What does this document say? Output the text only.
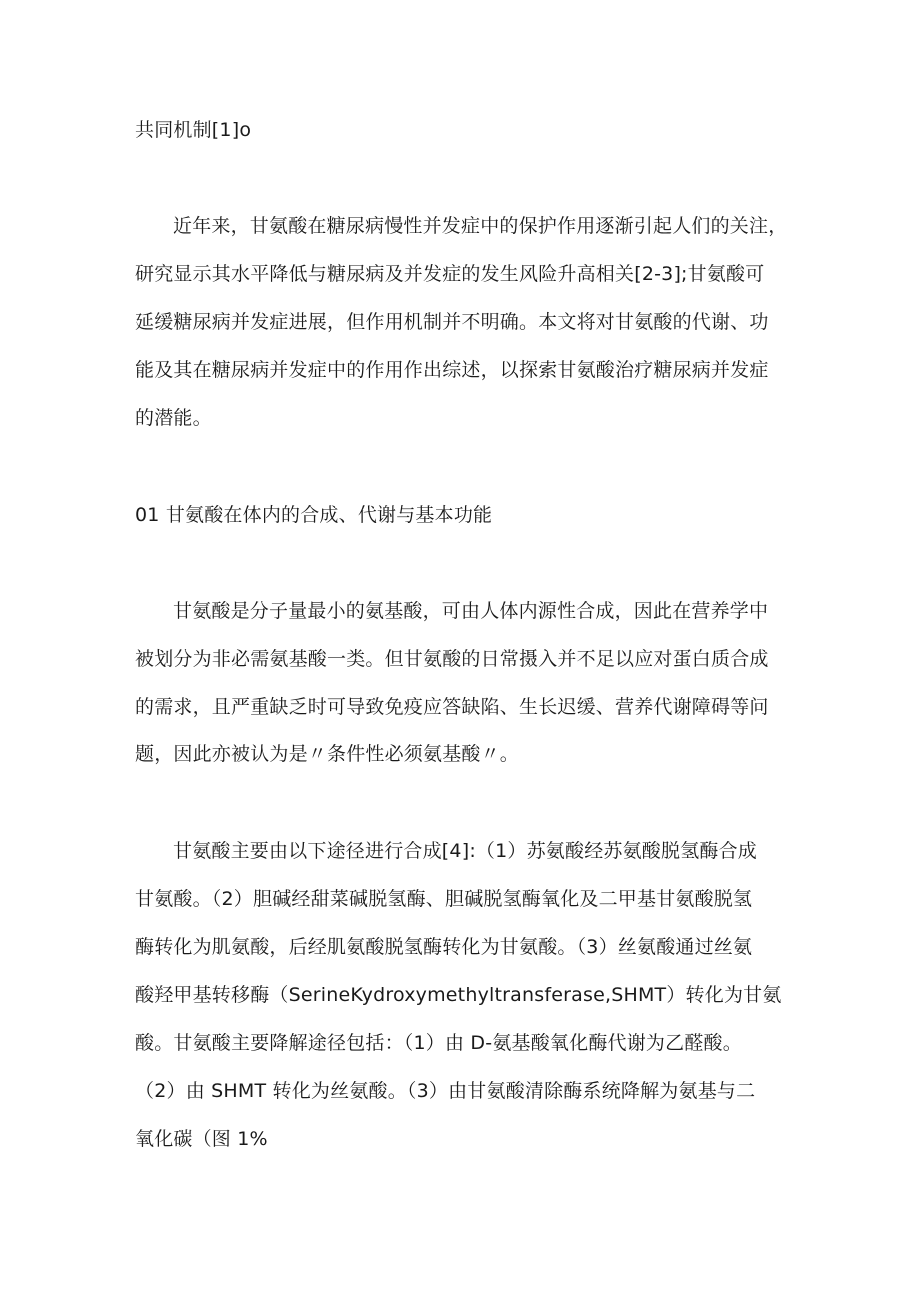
共同机制[1]o
近年来，甘氨酸在糖尿病慢性并发症中的保护作用逐渐引起人们的关注，
研究显示其水平降低与糖尿病及并发症的发生风险升高相关[2-3];甘氨酸可
延缓糖尿病并发症进展，但作用机制并不明确。本文将对甘氨酸的代谢、功
能及其在糖尿病并发症中的作用作出综述，以探索甘氨酸治疗糖尿病并发症
的潜能。
01 甘氨酸在体内的合成、代谢与基本功能
甘氨酸是分子量最小的氨基酸，可由人体内源性合成，因此在营养学中
被划分为非必需氨基酸一类。但甘氨酸的日常摄入并不足以应对蛋白质合成
的需求，且严重缺乏时可导致免疫应答缺陷、生长迟缓、营养代谢障碍等问
题，因此亦被认为是〃条件性必须氨基酸〃。
甘氨酸主要由以下途径进行合成[4]:（1）苏氨酸经苏氨酸脱氢酶合成
甘氨酸。（2）胆碱经甜菜碱脱氢酶、胆碱脱氢酶氧化及二甲基甘氨酸脱氢
酶转化为肌氨酸，后经肌氨酸脱氢酶转化为甘氨酸。（3）丝氨酸通过丝氨
酸羟甲基转移酶（SerineKydroxymethyltransferase,SHMT）转化为甘氨
酸。甘氨酸主要降解途径包括：（1）由 D-氨基酸氧化酶代谢为乙醛酸。
（2）由 SHMT 转化为丝氨酸。（3）由甘氨酸清除酶系统降解为氨基与二
氧化碳（图 1%
